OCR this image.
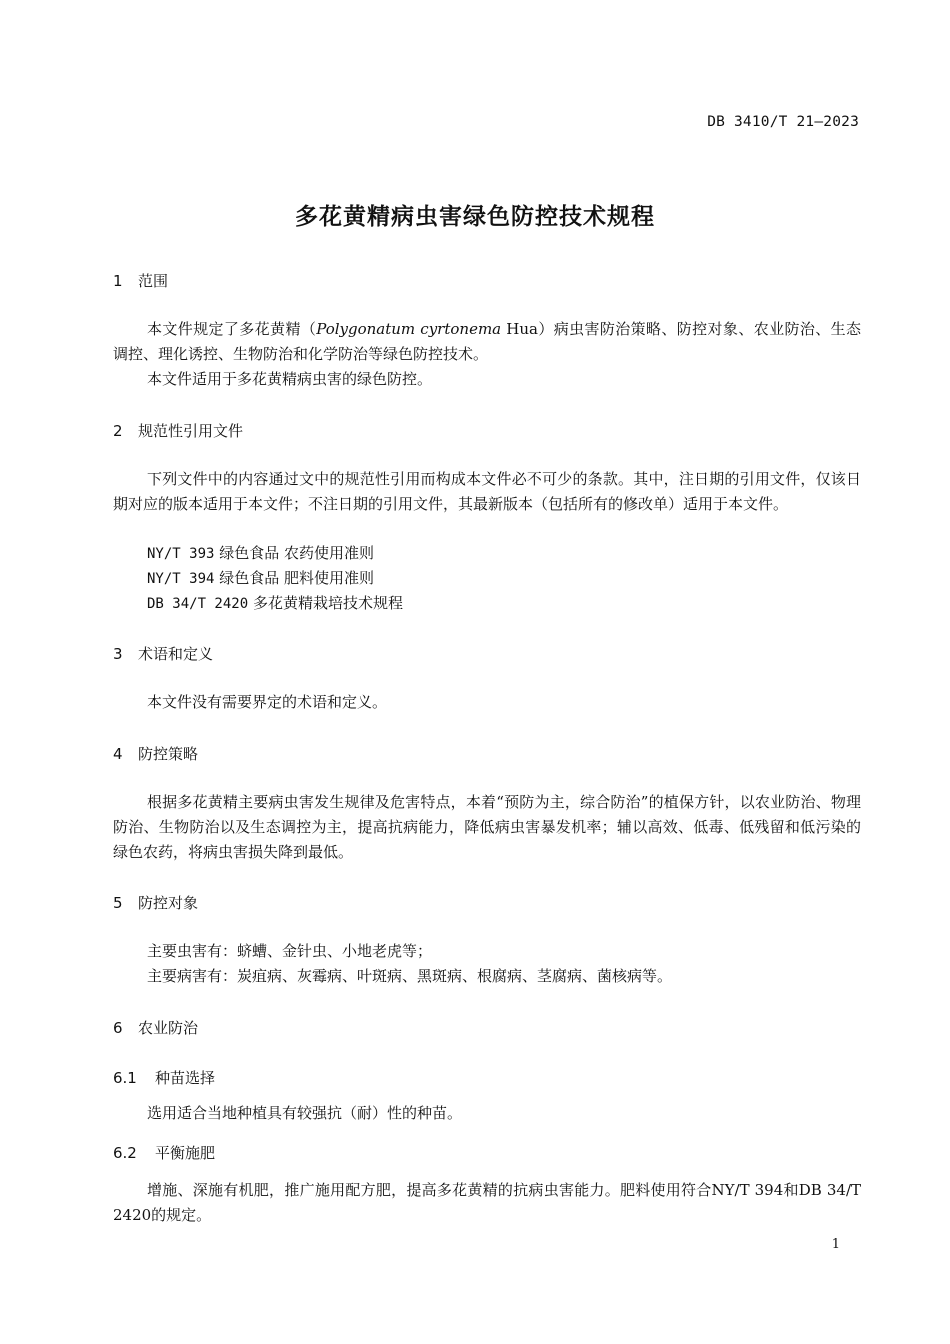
DB 3410/T 21—2023
多花黄精病虫害绿色防控技术规程
1 范围
本文件规定了多花黄精（Polygonatum cyrtonema Hua）病虫害防治策略、防控对象、农业防治、生态调控、理化诱控、生物防治和化学防治等绿色防控技术。
本文件适用于多花黄精病虫害的绿色防控。
2 规范性引用文件
下列文件中的内容通过文中的规范性引用而构成本文件必不可少的条款。其中，注日期的引用文件，仅该日期对应的版本适用于本文件；不注日期的引用文件，其最新版本（包括所有的修改单）适用于本文件。
NY/T 393 绿色食品 农药使用准则
NY/T 394 绿色食品 肥料使用准则
DB 34/T 2420 多花黄精栽培技术规程
3 术语和定义
本文件没有需要界定的术语和定义。
4 防控策略
根据多花黄精主要病虫害发生规律及危害特点，本着“预防为主，综合防治”的植保方针，以农业防治、物理防治、生物防治以及生态调控为主，提高抗病能力，降低病虫害暴发机率；辅以高效、低毒、低残留和低污染的绿色农药，将病虫害损失降到最低。
5 防控对象
主要虫害有：蛴螬、金针虫、小地老虎等；
主要病害有：炭疽病、灰霉病、叶斑病、黑斑病、根腐病、茎腐病、菌核病等。
6 农业防治
6.1 种苗选择
选用适合当地种植具有较强抗（耐）性的种苗。
6.2 平衡施肥
增施、深施有机肥，推广施用配方肥，提高多花黄精的抗病虫害能力。肥料使用符合NY/T 394和DB 34/T 2420的规定。
1
